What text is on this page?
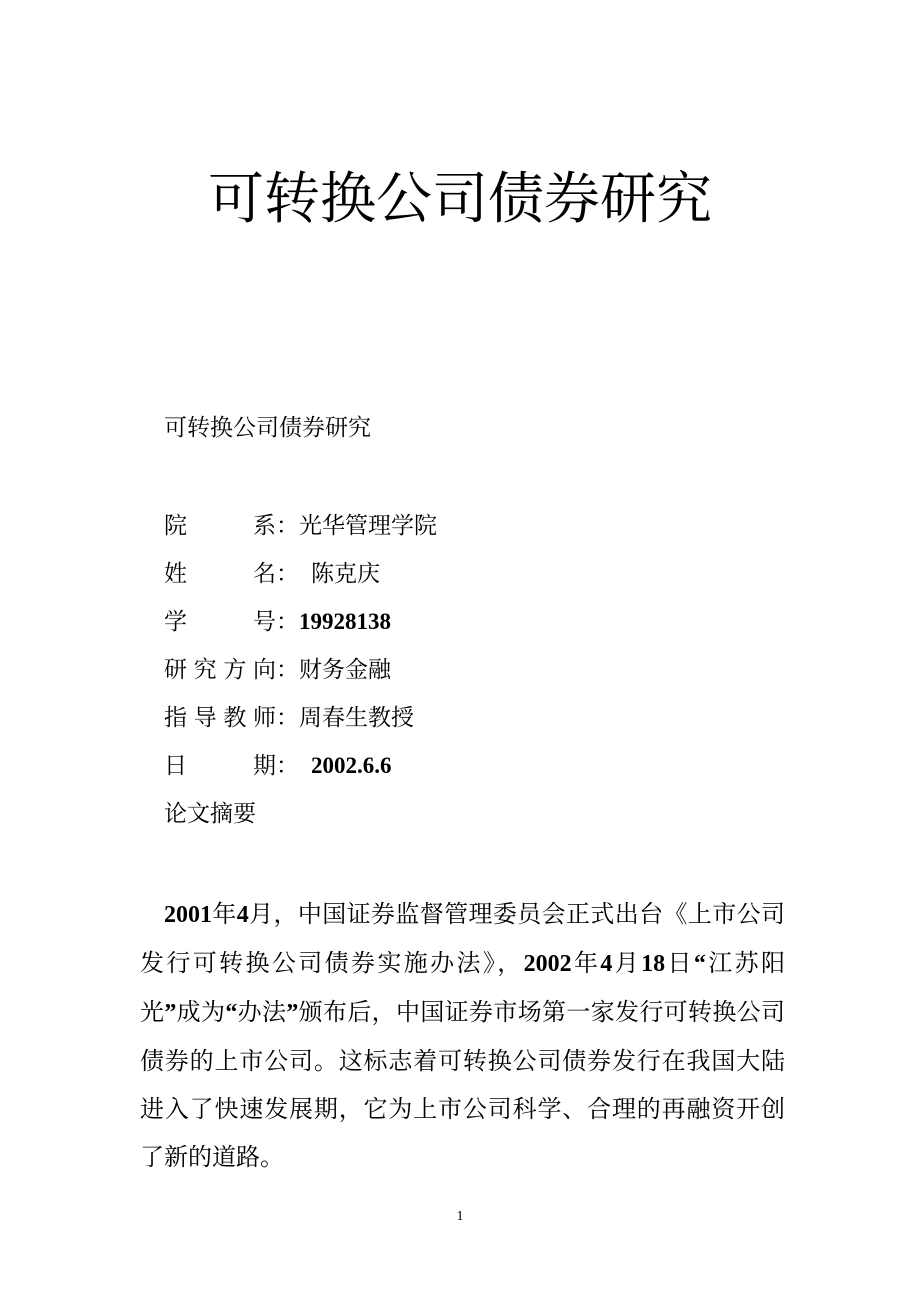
可转换公司债券研究

可转换公司债券研究

院系 ： 光华管理学院
姓名 ： 陈克庆
学号 ： 19928138
研究方向 ： 财务金融
指导教师 ： 周春生教授
日期 ： 2002.6.6
论文摘要

2001年4月，中国证券监督管理委员会正式出台《上市公司发行可转换公司债券实施办法》，2002年4月18日“江苏阳光”成为“办法”颁布后，中国证券市场第一家发行可转换公司债券的上市公司。这标志着可转换公司债券发行在我国大陆进入了快速发展期，它为上市公司科学、合理的再融资开创了新的道路。

1
